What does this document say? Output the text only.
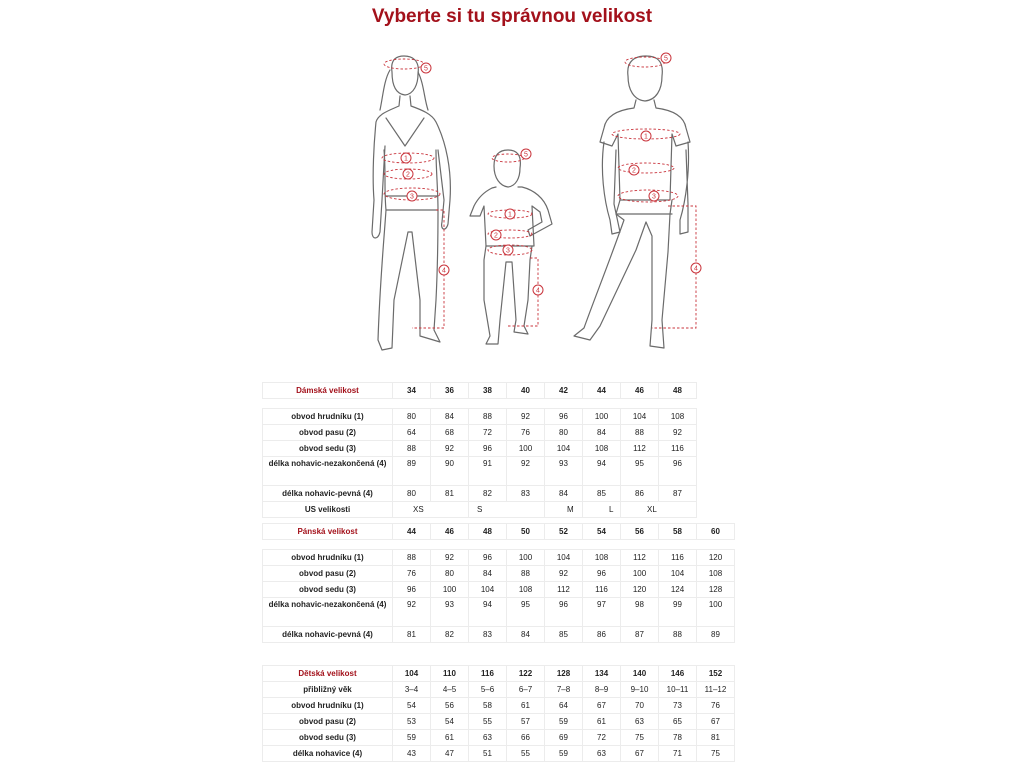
Vyberte si tu správnou velikost
5
1
2
3
4
5
1
2
3
4
5
1
2
3
4
Dámská velikost	34	36	38	40	42	44	46	48

obvod hrudníku (1)	80	84	88	92	96	100	104	108
obvod pasu (2)	64	68	72	76	80	84	88	92
obvod sedu (3)	88	92	96	100	104	108	112	116
délka nohavic-nezakončená (4)	89	90	91	92	93	94	95	96
délka nohavic-pevná (4)	80	81	82	83	84	85	86	87
US velikosti	XS		S		M	L	XL	
Pánská velikost	44	46	48	50	52	54	56	58	60

obvod hrudníku (1)	88	92	96	100	104	108	112	116	120
obvod pasu (2)	76	80	84	88	92	96	100	104	108
obvod sedu (3)	96	100	104	108	112	116	120	124	128
délka nohavic-nezakončená (4)	92	93	94	95	96	97	98	99	100
délka nohavic-pevná (4)	81	82	83	84	85	86	87	88	89
Dětská velikost	104	110	116	122	128	134	140	146	152
přibližný věk	3–4	4–5	5–6	6–7	7–8	8–9	9–10	10–11	11–12
obvod hrudníku (1)	54	56	58	61	64	67	70	73	76
obvod pasu (2)	53	54	55	57	59	61	63	65	67
obvod sedu (3)	59	61	63	66	69	72	75	78	81
délka nohavice (4)	43	47	51	55	59	63	67	71	75
